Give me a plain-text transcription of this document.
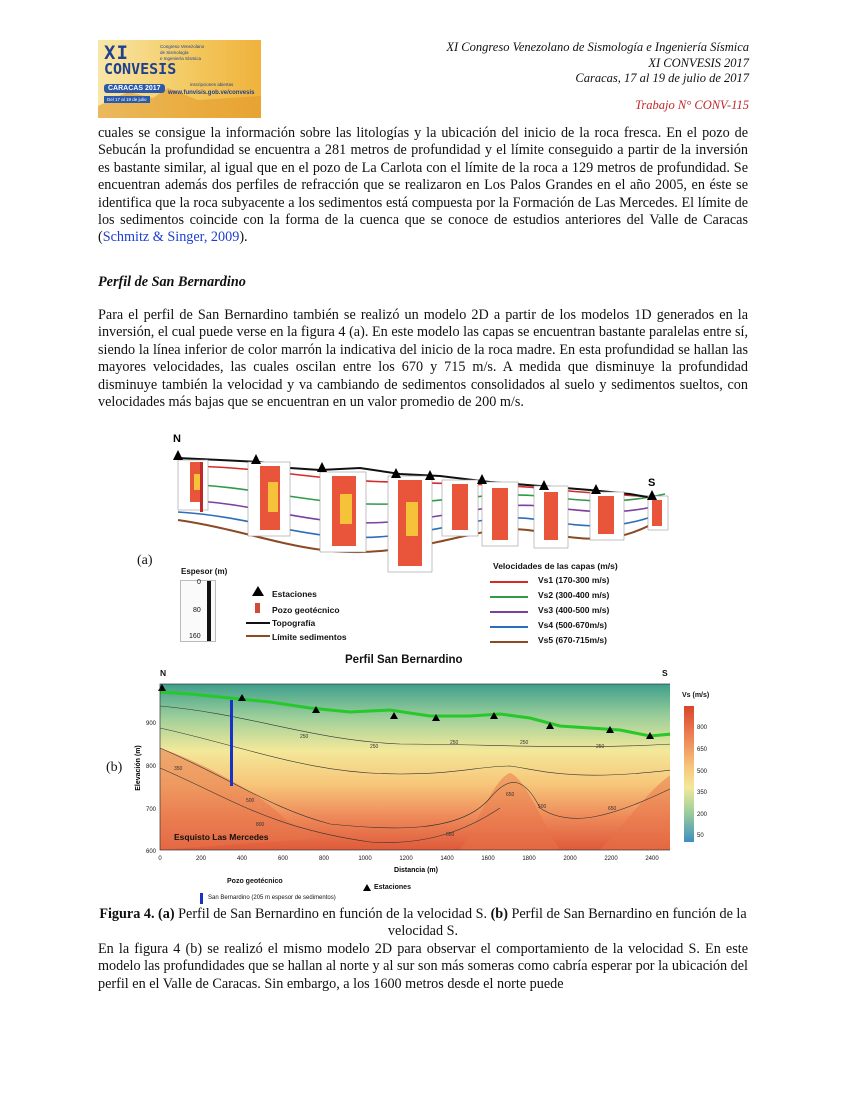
XI
CONVESIS
Congreso Venezolano
de Sismología
e Ingeniería Sísmica
CARACAS 2017
Del 17 al 19 de julio
inscripciones abiertas
www.funvisis.gob.ve/convesis
XI Congreso Venezolano de Sismología e Ingeniería Sísmica
XI CONVESIS 2017
Caracas, 17 al 19 de julio de 2017
Trabajo N° CONV-115
cuales se consigue la información sobre las litologías y la ubicación del inicio de la roca fresca. En el pozo de Sebucán la profundidad se encuentra a 281 metros de profundidad y el límite conseguido a partir de la inversión es bastante similar, al igual que en el pozo de La Carlota con el límite de la roca a 129 metros de profundidad. Se encuentran además dos perfiles de refracción que se realizaron en Los Palos Grandes en el año 2005, en éste se identifica que la roca subyacente a los sedimentos está compuesta por la Formación de Las Mercedes. El límite de los sedimentos coincide con la forma de la cuenca que se conoce de estudios anteriores del Valle de Caracas (Schmitz & Singer, 2009).
Perfil de San Bernardino
Para el perfil de San Bernardino también se realizó un modelo 2D a partir de los modelos 1D generados en la inversión, el cual puede verse en la figura 4 (a). En este modelo las capas se encuentran bastante paralelas entre sí, siendo la línea inferior de color marrón la indicativa del inicio de la roca madre. En esta profundidad se hallan las mayores velocidades, las cuales oscilan entre los 670 y 715 m/s. A medida que disminuye la profundidad disminuye también la velocidad y va cambiando de sedimentos consolidados al suelo y sedimentos sueltos, con velocidades más bajas que se encuentran en un valor promedio de 200 m/s.
(a)
N
S
Espesor (m)
0
80
160
Estaciones
Pozo geotécnico
Topografía
Límite sedimentos
Velocidades de las capas (m/s)
Vs1 (170-300 m/s)
Vs2 (300-400 m/s)
Vs3 (400-500 m/s)
Vs4 (500-670m/s)
Vs5 (670-715m/s)
Perfil San Bernardino
N	S
(b)
250
250
250	250
250
350
500
500
650
650
650
800
Esquisto Las Mercedes
900
800
700
600
0	200	400	600	800	1000	1200	1400	1600	1800	2000	2200	2400
Distancia (m)
Elevación (m)
Vs (m/s)
800
650
500
350
200
50
Pozo geotécnico
Estaciones
San Bernardino (205 m espesor de sedimentos)
Figura 4. (a) Perfil de San Bernardino en función de la velocidad S. (b) Perfil de San Bernardino en función de la velocidad S.
En la figura 4 (b) se realizó el mismo modelo 2D para observar el comportamiento de la velocidad S. En este modelo las profundidades que se hallan al norte y al sur son más someras como cabría esperar por la ubicación del perfil en el Valle de Caracas. Sin embargo, a los 1600 metros desde el norte puede
